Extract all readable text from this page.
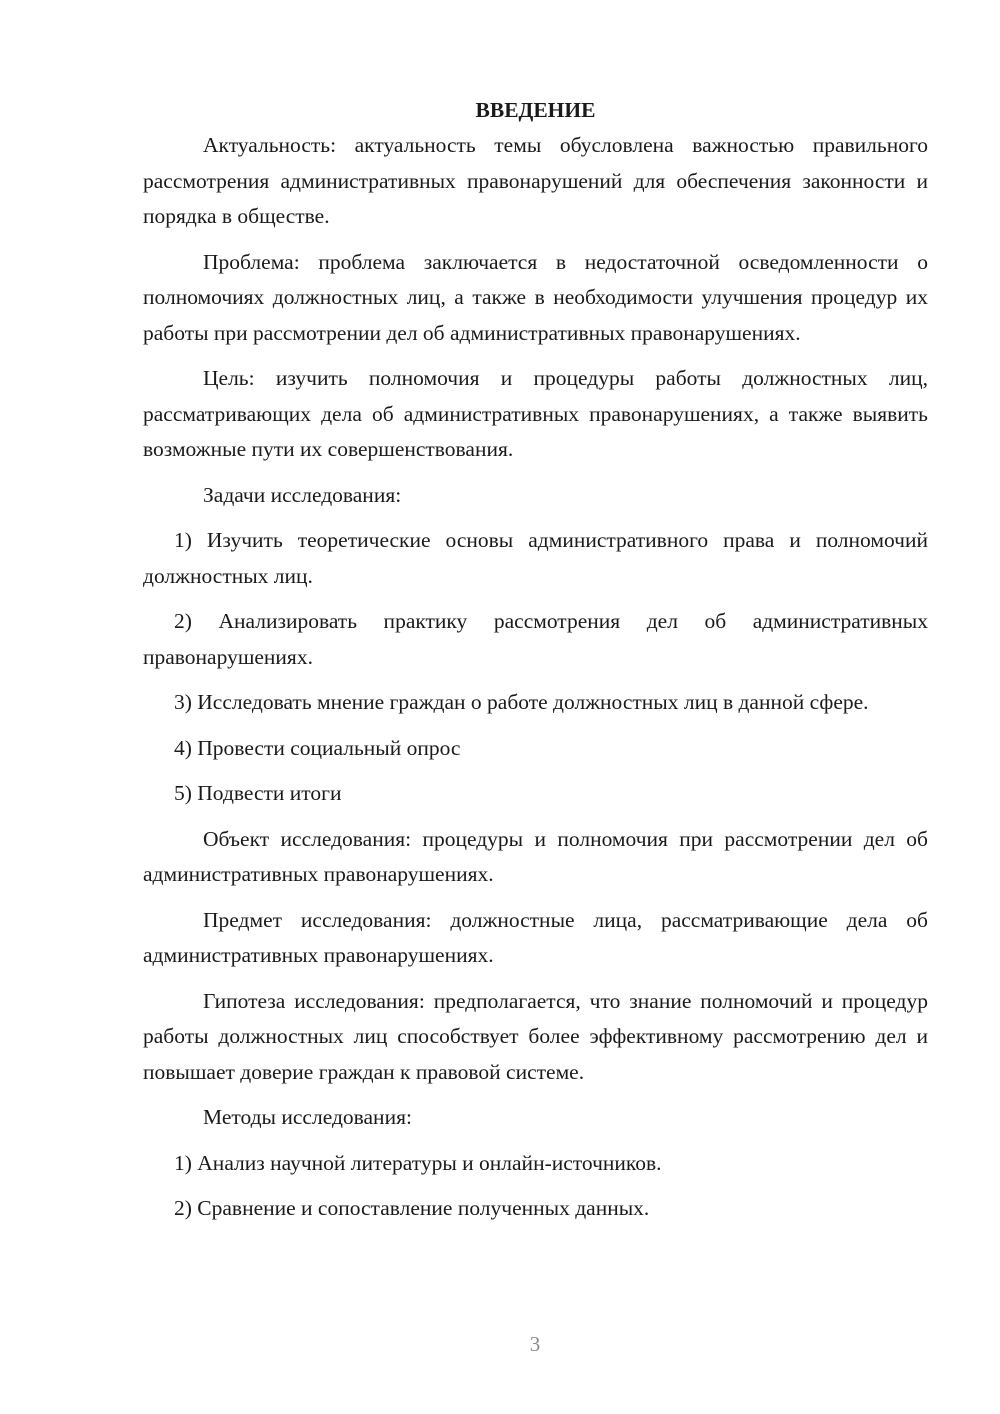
ВВЕДЕНИЕ

Актуальность: актуальность темы обусловлена важностью правильного рассмотрения административных правонарушений для обеспечения законности и порядка в обществе.

Проблема: проблема заключается в недостаточной осведомленности о полномочиях должностных лиц, а также в необходимости улучшения процедур их работы при рассмотрении дел об административных правонарушениях.

Цель: изучить полномочия и процедуры работы должностных лиц, рассматривающих дела об административных правонарушениях, а также выявить возможные пути их совершенствования.

Задачи исследования:

1) Изучить теоретические основы административного права и полномочий должностных лиц.

2) Анализировать практику рассмотрения дел об административных правонарушениях.

3) Исследовать мнение граждан о работе должностных лиц в данной сфере.

4) Провести социальный опрос

5) Подвести итоги

Объект исследования: процедуры и полномочия при рассмотрении дел об административных правонарушениях.

Предмет исследования: должностные лица, рассматривающие дела об административных правонарушениях.

Гипотеза исследования: предполагается, что знание полномочий и процедур работы должностных лиц способствует более эффективному рассмотрению дел и повышает доверие граждан к правовой системе.

Методы исследования:

1) Анализ научной литературы и онлайн-источников.

2) Сравнение и сопоставление полученных данных.

3
